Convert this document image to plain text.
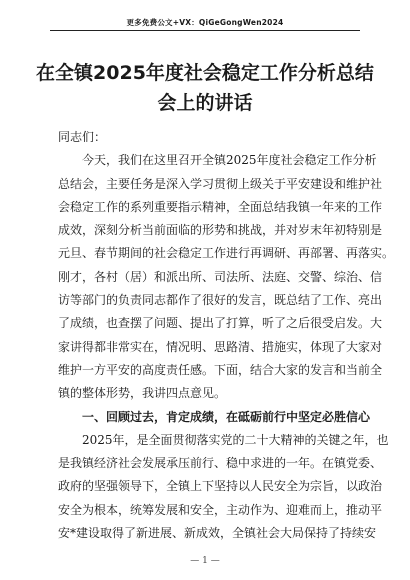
更多免费公文+VX：QiGeGongWen2024
在全镇2025年度社会稳定工作分析总结
会上的讲话
同志们：
　　今天，我们在这里召开全镇2025年度社会稳定工作分析
总结会，主要任务是深入学习贯彻上级关于平安建设和维护社
会稳定工作的系列重要指示精神，全面总结我镇一年来的工作
成效，深刻分析当前面临的形势和挑战，并对岁末年初特别是
元旦、春节期间的社会稳定工作进行再调研、再部署、再落实。
刚才，各村（居）和派出所、司法所、法庭、交警、综治、信
访等部门的负责同志都作了很好的发言，既总结了工作、亮出
了成绩，也查摆了问题、提出了打算，听了之后很受启发。大
家讲得都非常实在，情况明、思路清、措施实，体现了大家对
维护一方平安的高度责任感。下面，结合大家的发言和当前全
镇的整体形势，我讲四点意见。
　　一、回顾过去，肯定成绩，在砥砺前行中坚定必胜信心
　　2025年，是全面贯彻落实党的二十大精神的关键之年，也
是我镇经济社会发展承压前行、稳中求进的一年。在镇党委、
政府的坚强领导下，全镇上下坚持以人民安全为宗旨，以政治
安全为根本，统筹发展和安全，主动作为、迎难而上，推动平
安*建设取得了新进展、新成效，全镇社会大局保持了持续安
— 1 —
